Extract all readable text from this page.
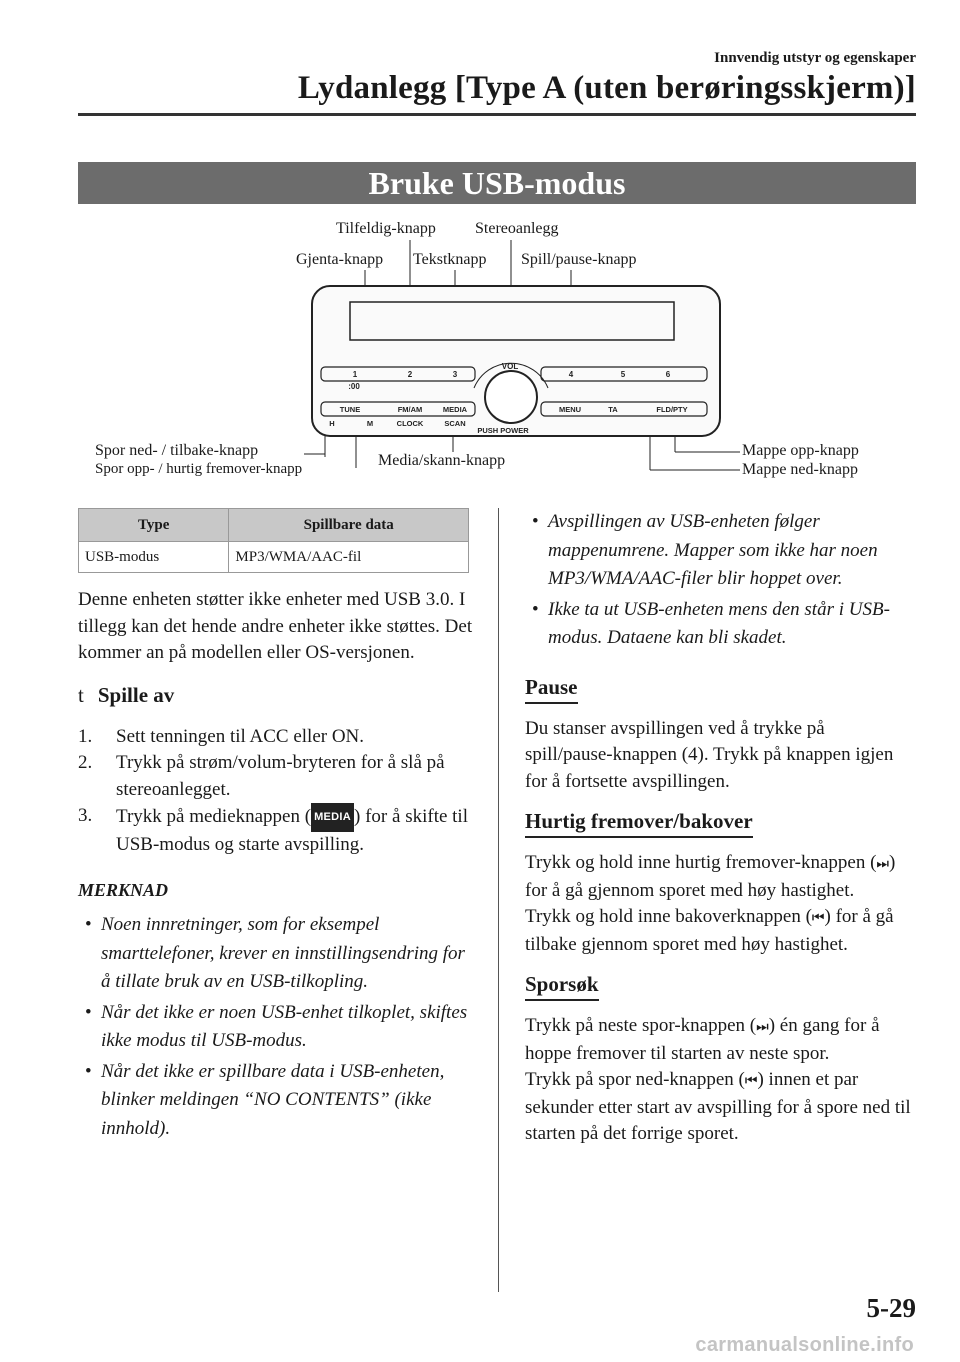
Innvendig utstyr og egenskaper
Lydanlegg [Type A (uten berøringsskjerm)]
Bruke USB-modus
1	2	3	4	5	6
:00
VOL
TUNE	FM/AM	MEDIA	MENU	TA	FLD/PTY
H	M	CLOCK	SCAN
PUSH POWER
Tilfeldig-knapp Stereoanlegg
Gjenta-knapp Tekstknapp Spill/pause-knapp
Spor ned- / tilbake-knapp
Spor opp- / hurtig fremover-knapp	Media/skann-knapp
Mappe opp-knapp
Mappe ned-knapp
Type	Spillbare data
USB-modus	MP3/WMA/AAC-fil

Denne enheten støtter ikke enheter med USB 3.0. I tillegg kan det hende andre enheter ikke støttes. Det kommer an på modellen eller OS-versjonen.

t Spille av
1. Sett tenningen til ACC eller ON.
2. Trykk på strøm/volum-bryteren for å slå på stereoanlegget.
3. Trykk på medieknappen ( MEDIA ) for å skifte til USB-modus og starte avspilling.
MERKNAD
• Noen innretninger, som for eksempel smarttelefoner, krever en innstillingsendring for å tillate bruk av en USB-tilkopling.
• Når det ikke er noen USB-enhet tilkoplet, skiftes ikke modus til USB-modus.
• Når det ikke er spillbare data i USB-enheten, blinker meldingen “NO CONTENTS” (ikke innhold).
• Avspillingen av USB-enheten følger mappenumrene. Mapper som ikke har noen MP3/WMA/AAC-filer blir hoppet over.
• Ikke ta ut USB-enheten mens den står i USB-modus. Dataene kan bli skadet.
Pause

Du stanser avspillingen ved å trykke på spill/pause-knappen (4). Trykk på knappen igjen for å fortsette avspillingen.

Hurtig fremover/bakover

Trykk og hold inne hurtig fremover-knappen (⏭) for å gå gjennom sporet med høy hastighet.

Trykk og hold inne bakoverknappen (⏮) for å gå tilbake gjennom sporet med høy hastighet.

Sporsøk

Trykk på neste spor-knappen (⏭) én gang for å hoppe fremover til starten av neste spor.

Trykk på spor ned-knappen (⏮) innen et par sekunder etter start av avspilling for å spore ned til starten på det forrige sporet.

5-29
carmanualsonline.info
